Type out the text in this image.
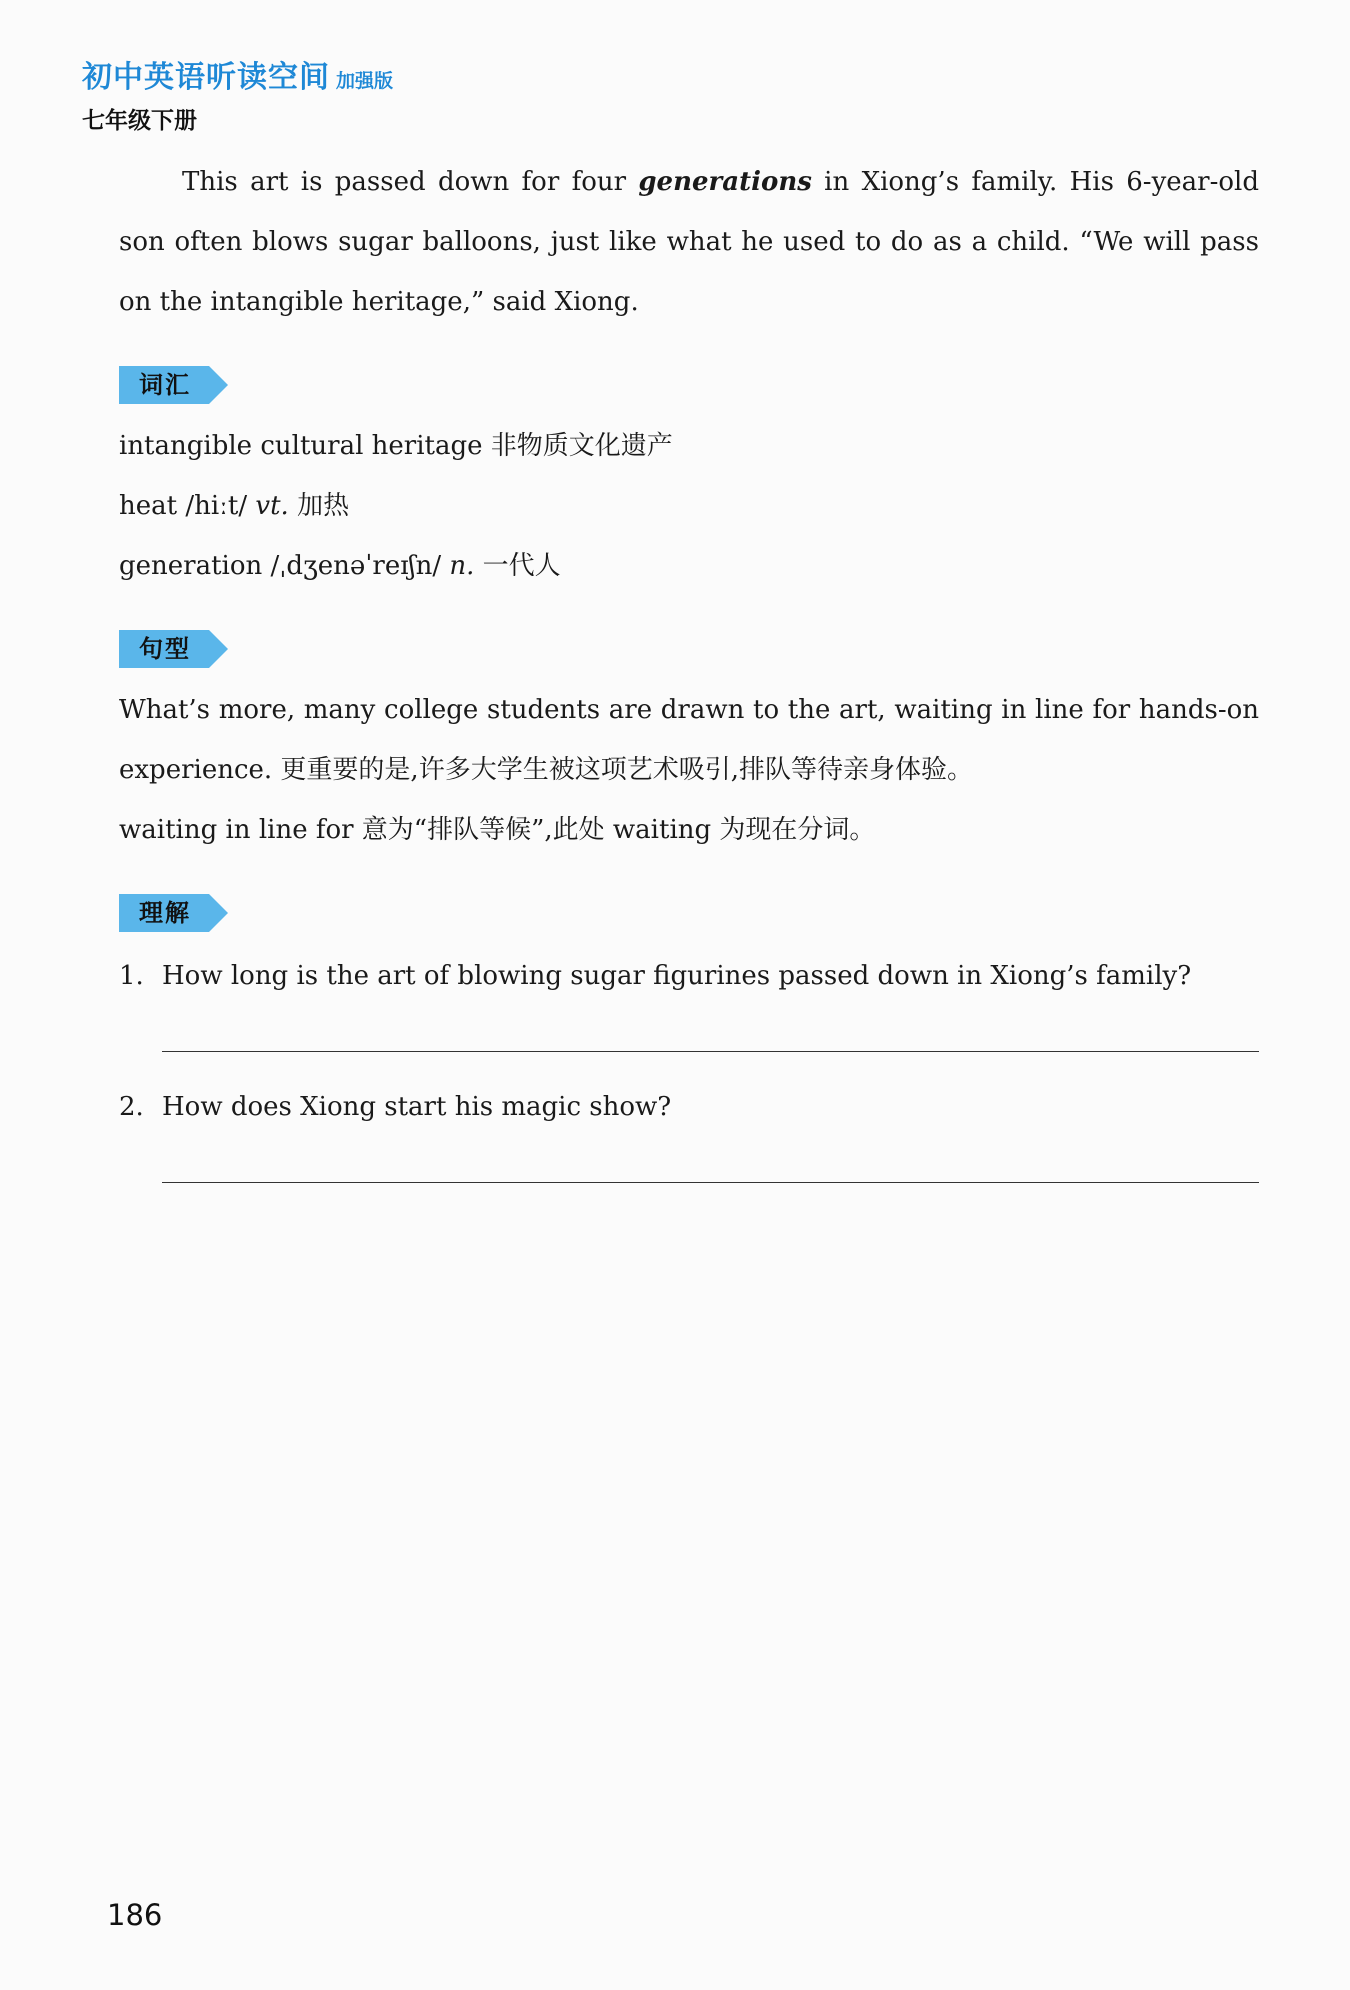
初中英语听读空间 加强版
七年级下册

This art is passed down for four generations in Xiong’s family. His 6-year-old son often blows sugar balloons, just like what he used to do as a child. “We will pass on the intangible heritage,” said Xiong.

词汇
intangible cultural heritage 非物质文化遗产
heat /hiːt/ vt. 加热
generation /ˌdʒenəˈreɪʃn/ n. 一代人
句型

What’s more, many college students are drawn to the art, waiting in line for hands-on experience. 更重要的是,许多大学生被这项艺术吸引,排队等待亲身体验。

waiting in line for 意为“排队等候”,此处 waiting 为现在分词。
理解
1. How long is the art of blowing sugar figurines passed down in Xiong’s family?
2. How does Xiong start his magic show?
186
